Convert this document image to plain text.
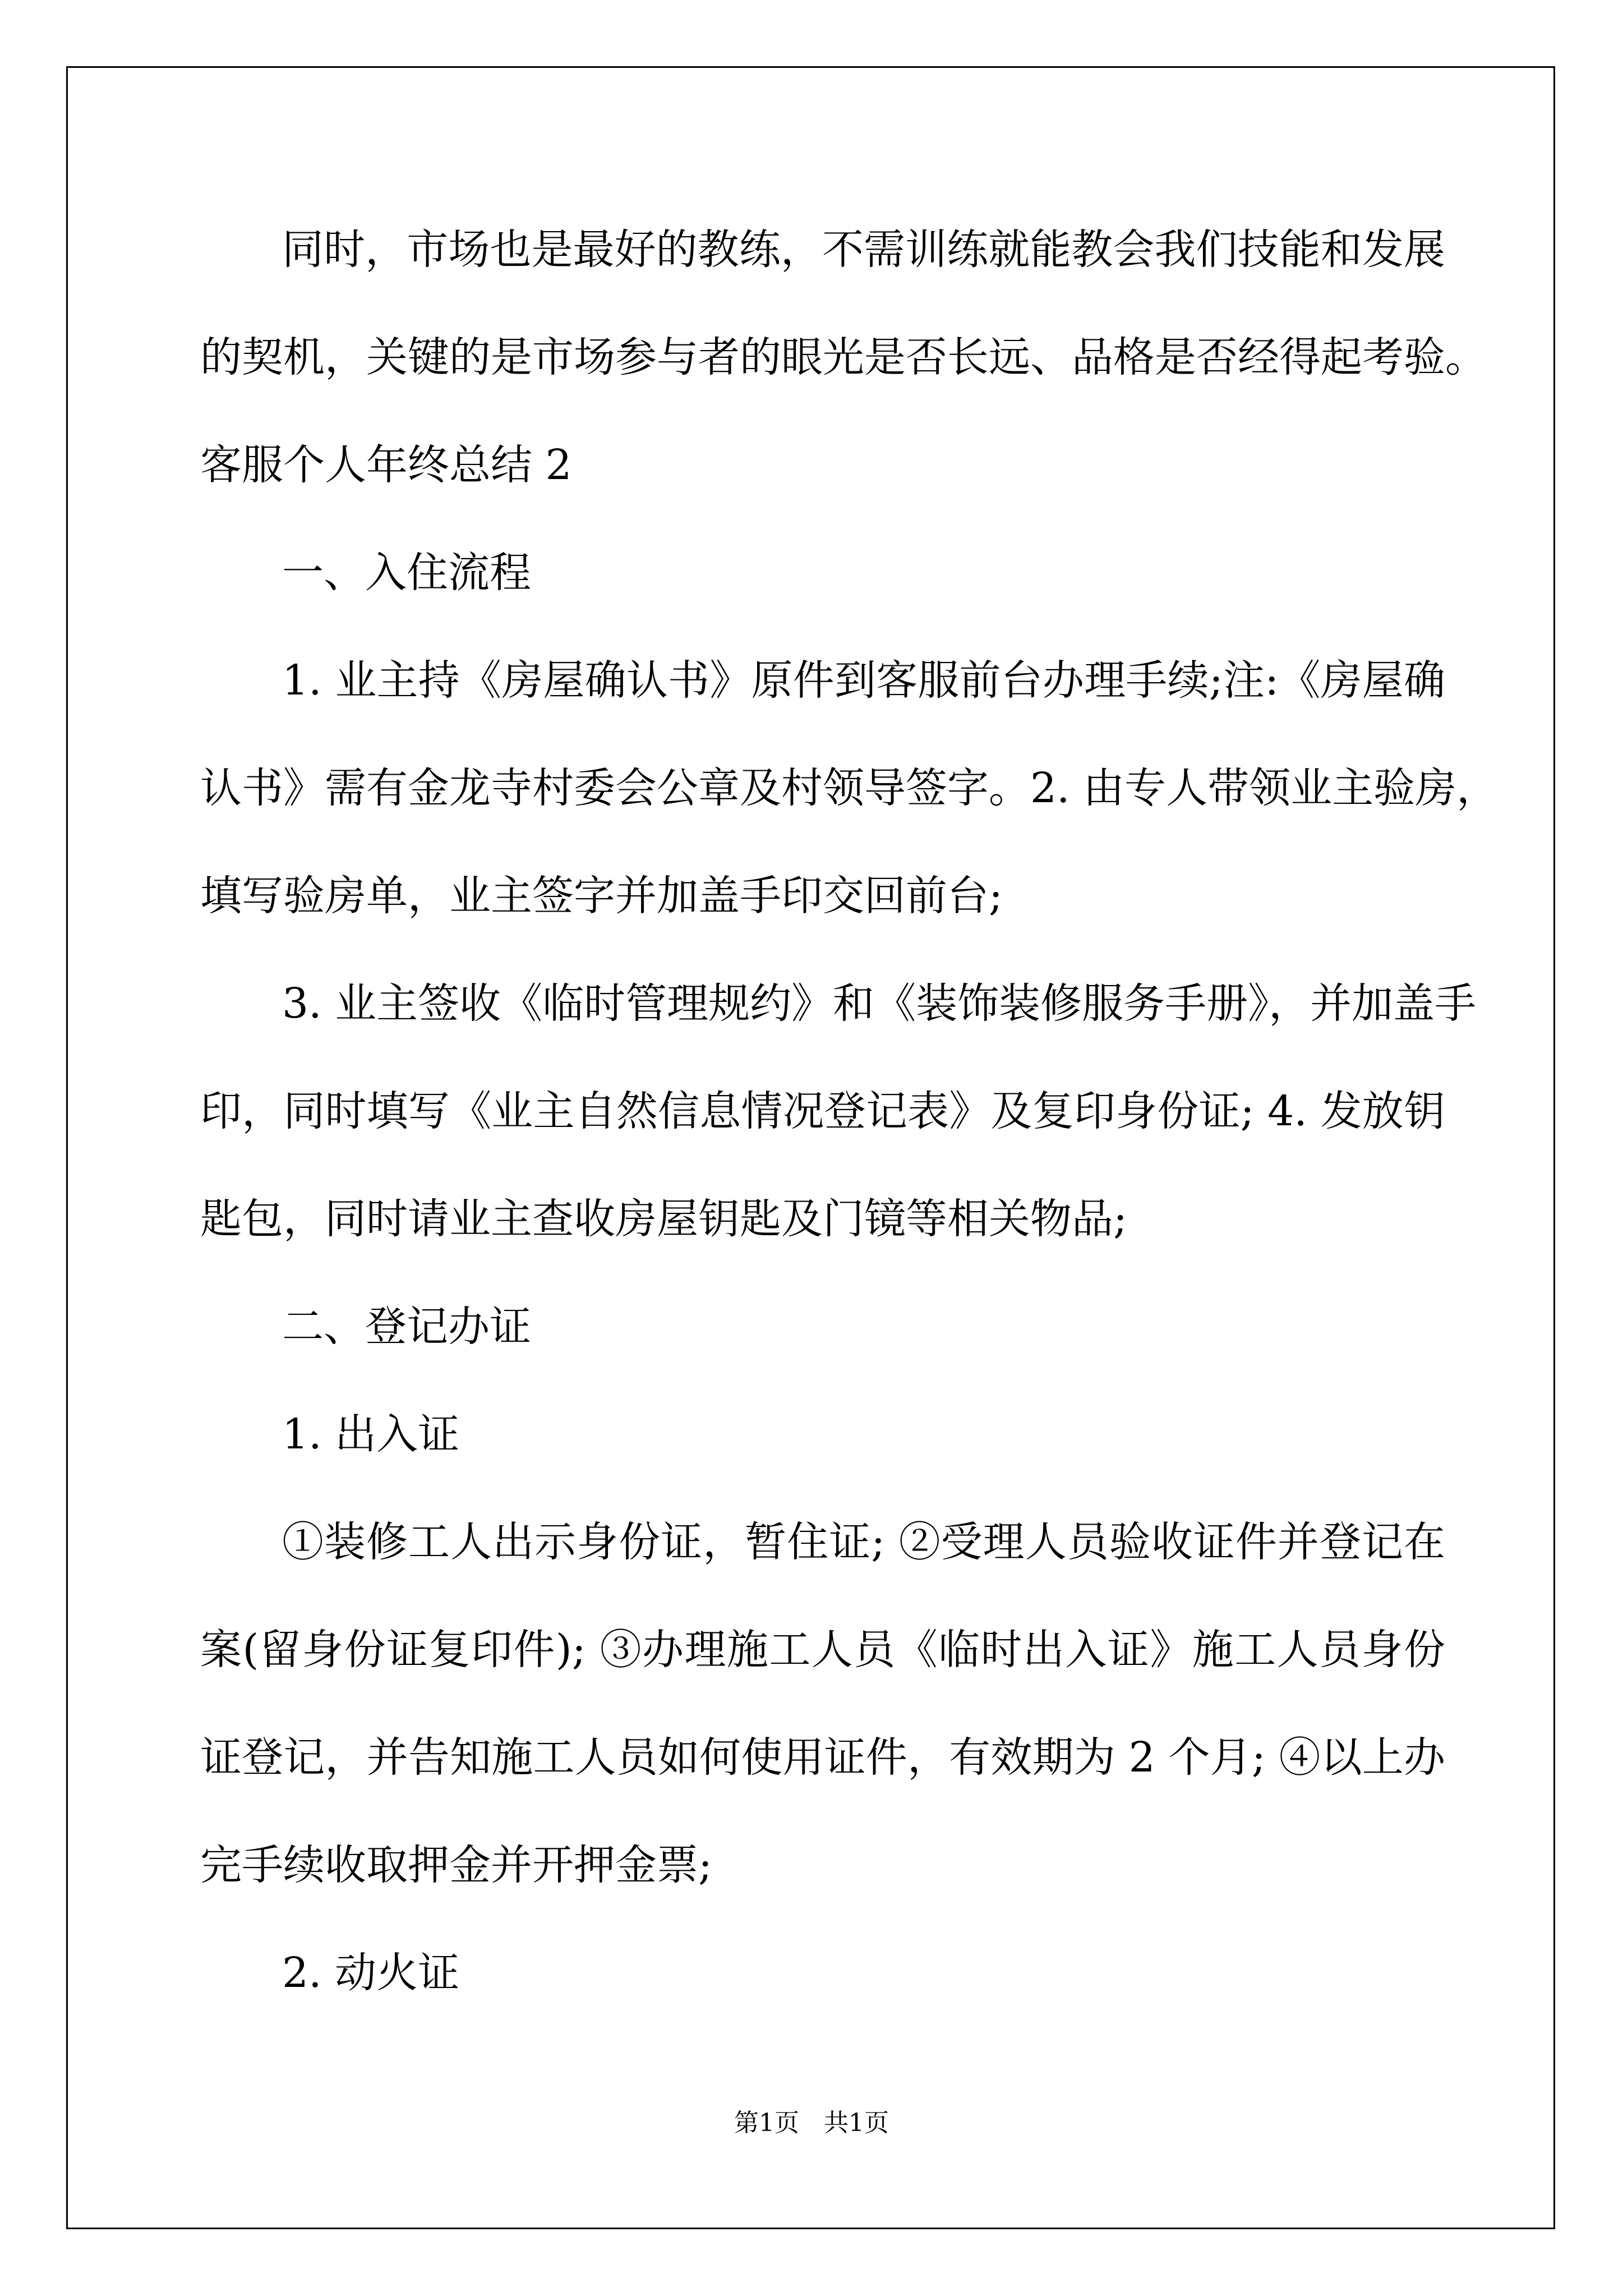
同时，市场也是最好的教练，不需训练就能教会我们技能和发展
的契机，关键的是市场参与者的眼光是否长远、品格是否经得起考验。
客服个人年终总结 2
一、入住流程
1. 业主持《房屋确认书》原件到客服前台办理手续;注:《房屋确
认书》需有金龙寺村委会公章及村领导签字。2. 由专人带领业主验房，
填写验房单，业主签字并加盖手印交回前台;
3. 业主签收《临时管理规约》和《装饰装修服务手册》，并加盖手
印，同时填写《业主自然信息情况登记表》及复印身份证; 4. 发放钥
匙包，同时请业主查收房屋钥匙及门镜等相关物品;
二、登记办证
1. 出入证
①装修工人出示身份证，暂住证; ②受理人员验收证件并登记在
案(留身份证复印件); ③办理施工人员《临时出入证》施工人员身份
证登记，并告知施工人员如何使用证件，有效期为 2 个月; ④以上办
完手续收取押金并开押金票;
2. 动火证
第1页　共1页
